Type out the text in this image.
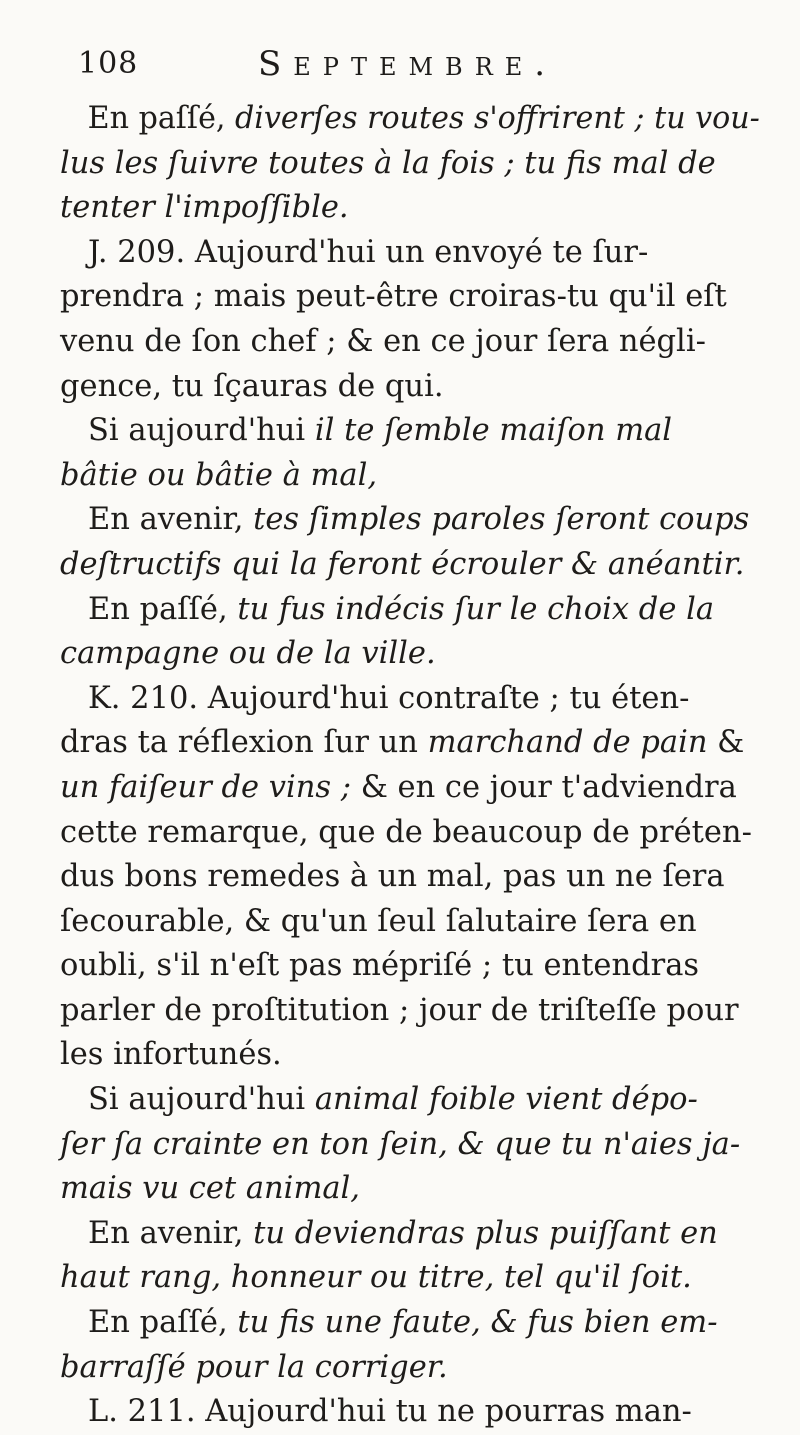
108	Septembre.
En paſſé, diverſes routes s'offrirent ; tu vou-
lus les ſuivre toutes à la fois ; tu fis mal de
tenter l'impoſſible.
J. 209. Aujourd'hui un envoyé te ſur-
prendra ; mais peut-être croiras-tu qu'il eſt
venu de ſon chef ; & en ce jour ſera négli-
gence, tu ſçauras de qui.
Si aujourd'hui il te ſemble maiſon mal
bâtie ou bâtie à mal,
En avenir, tes ſimples paroles ſeront coups
deſtructifs qui la feront écrouler & anéantir.
En paſſé, tu fus indécis ſur le choix de la
campagne ou de la ville.
K. 210. Aujourd'hui contraſte ; tu éten-
dras ta réflexion ſur un marchand de pain &
un faiſeur de vins ; & en ce jour t'adviendra
cette remarque, que de beaucoup de préten-
dus bons remedes à un mal, pas un ne ſera
ſecourable, & qu'un ſeul ſalutaire ſera en
oubli, s'il n'eſt pas mépriſé ; tu entendras
parler de proſtitution ; jour de triſteſſe pour
les infortunés.
Si aujourd'hui animal foible vient dépo-
ſer ſa crainte en ton ſein, & que tu n'aies ja-
mais vu cet animal,
En avenir, tu deviendras plus puiſſant en
haut rang, honneur ou titre, tel qu'il ſoit.
En paſſé, tu fis une faute, & fus bien em-
barraſſé pour la corriger.
L. 211. Aujourd'hui tu ne pourras man-
